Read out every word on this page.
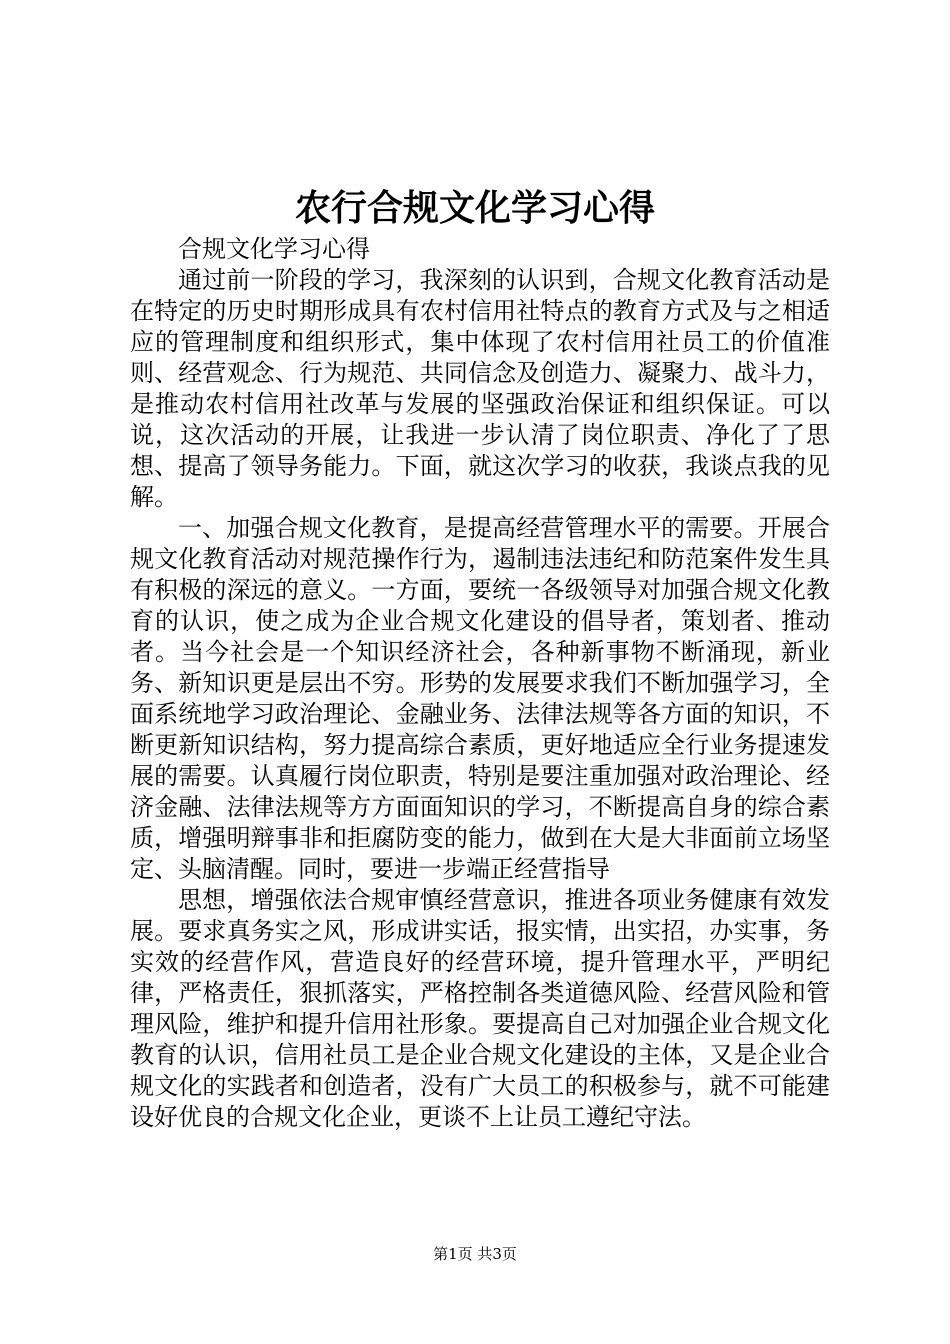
农行合规文化学习心得

合规文化学习心得

通过前一阶段的学习，我深刻的认识到，合规文化教育活动是在特定的历史时期形成具有农村信用社特点的教育方式及与之相适应的管理制度和组织形式，集中体现了农村信用社员工的价值准则、经营观念、行为规范、共同信念及创造力、凝聚力、战斗力，是推动农村信用社改革与发展的坚强政治保证和组织保证。可以说，这次活动的开展，让我进一步认清了岗位职责、净化了了思想、提高了领导务能力。下面，就这次学习的收获，我谈点我的见解。

一、加强合规文化教育，是提高经营管理水平的需要。开展合规文化教育活动对规范操作行为，遏制违法违纪和防范案件发生具有积极的深远的意义。一方面，要统一各级领导对加强合规文化教育的认识，使之成为企业合规文化建设的倡导者，策划者、推动者。当今社会是一个知识经济社会，各种新事物不断涌现，新业务、新知识更是层出不穷。形势的发展要求我们不断加强学习，全面系统地学习政治理论、金融业务、法律法规等各方面的知识，不断更新知识结构，努力提高综合素质，更好地适应全行业务提速发展的需要。认真履行岗位职责，特别是要注重加强对政治理论、经济金融、法律法规等方方面面知识的学习，不断提高自身的综合素质，增强明辩事非和拒腐防变的能力，做到在大是大非面前立场坚定、头脑清醒。同时，要进一步端正经营指导

思想，增强依法合规审慎经营意识，推进各项业务健康有效发展。要求真务实之风，形成讲实话，报实情，出实招，办实事，务实效的经营作风，营造良好的经营环境，提升管理水平，严明纪律，严格责任，狠抓落实，严格控制各类道德风险、经营风险和管理风险，维护和提升信用社形象。要提高自己对加强企业合规文化教育的认识，信用社员工是企业合规文化建设的主体，又是企业合规文化的实践者和创造者，没有广大员工的积极参与，就不可能建设好优良的合规文化企业，更谈不上让员工遵纪守法。

第1页 共3页
